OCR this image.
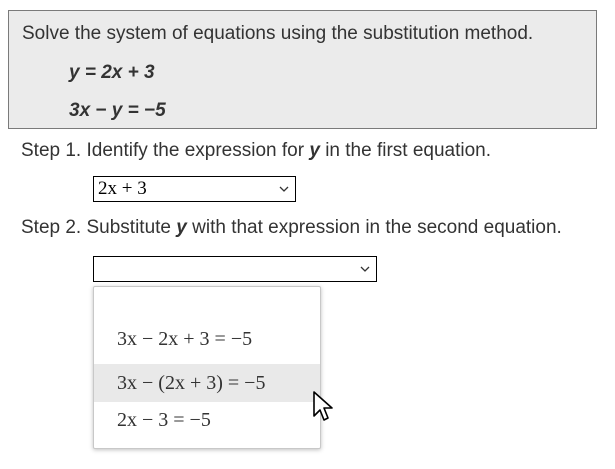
Solve the system of equations using the substitution method.
y = 2x + 3
3x − y = −5
Step 1. Identify the expression for y in the first equation.
2x + 3
Step 2. Substitute y with that expression in the second equation.
3x − 2x + 3 = −5
3x − (2x + 3) = −5
2x − 3 = −5
